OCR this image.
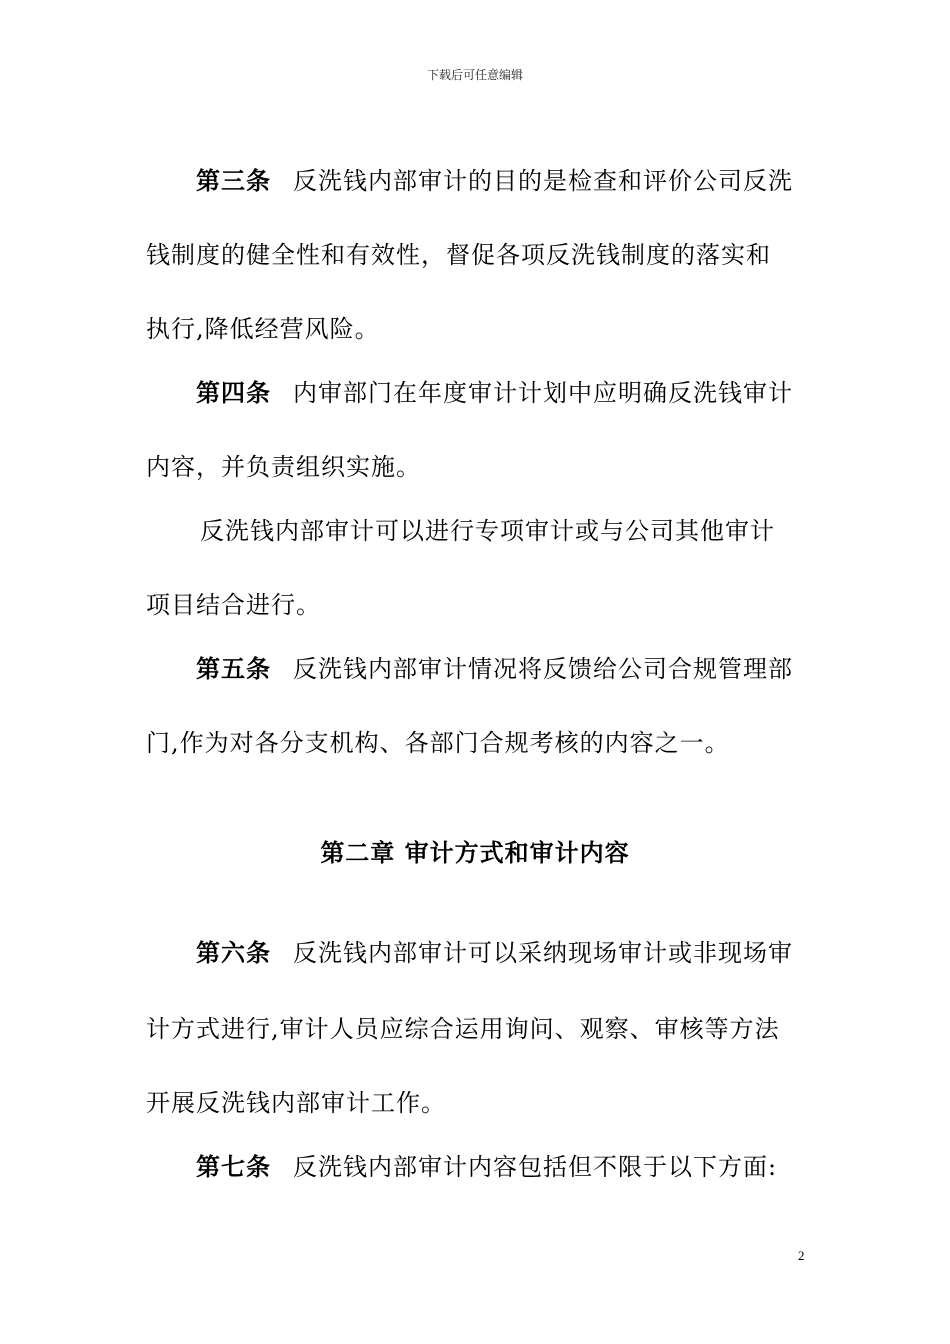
下载后可任意编辑
第三条 反洗钱内部审计的目的是检查和评价公司反洗
钱制度的健全性和有效性，督促各项反洗钱制度的落实和
执行,降低经营风险。
第四条 内审部门在年度审计计划中应明确反洗钱审计
内容，并负责组织实施。
反洗钱内部审计可以进行专项审计或与公司其他审计
项目结合进行。
第五条 反洗钱内部审计情况将反馈给公司合规管理部
门,作为对各分支机构、各部门合规考核的内容之一。
第二章 审计方式和审计内容
第六条 反洗钱内部审计可以采纳现场审计或非现场审
计方式进行,审计人员应综合运用询问、观察、审核等方法
开展反洗钱内部审计工作。
第七条 反洗钱内部审计内容包括但不限于以下方面:
2
